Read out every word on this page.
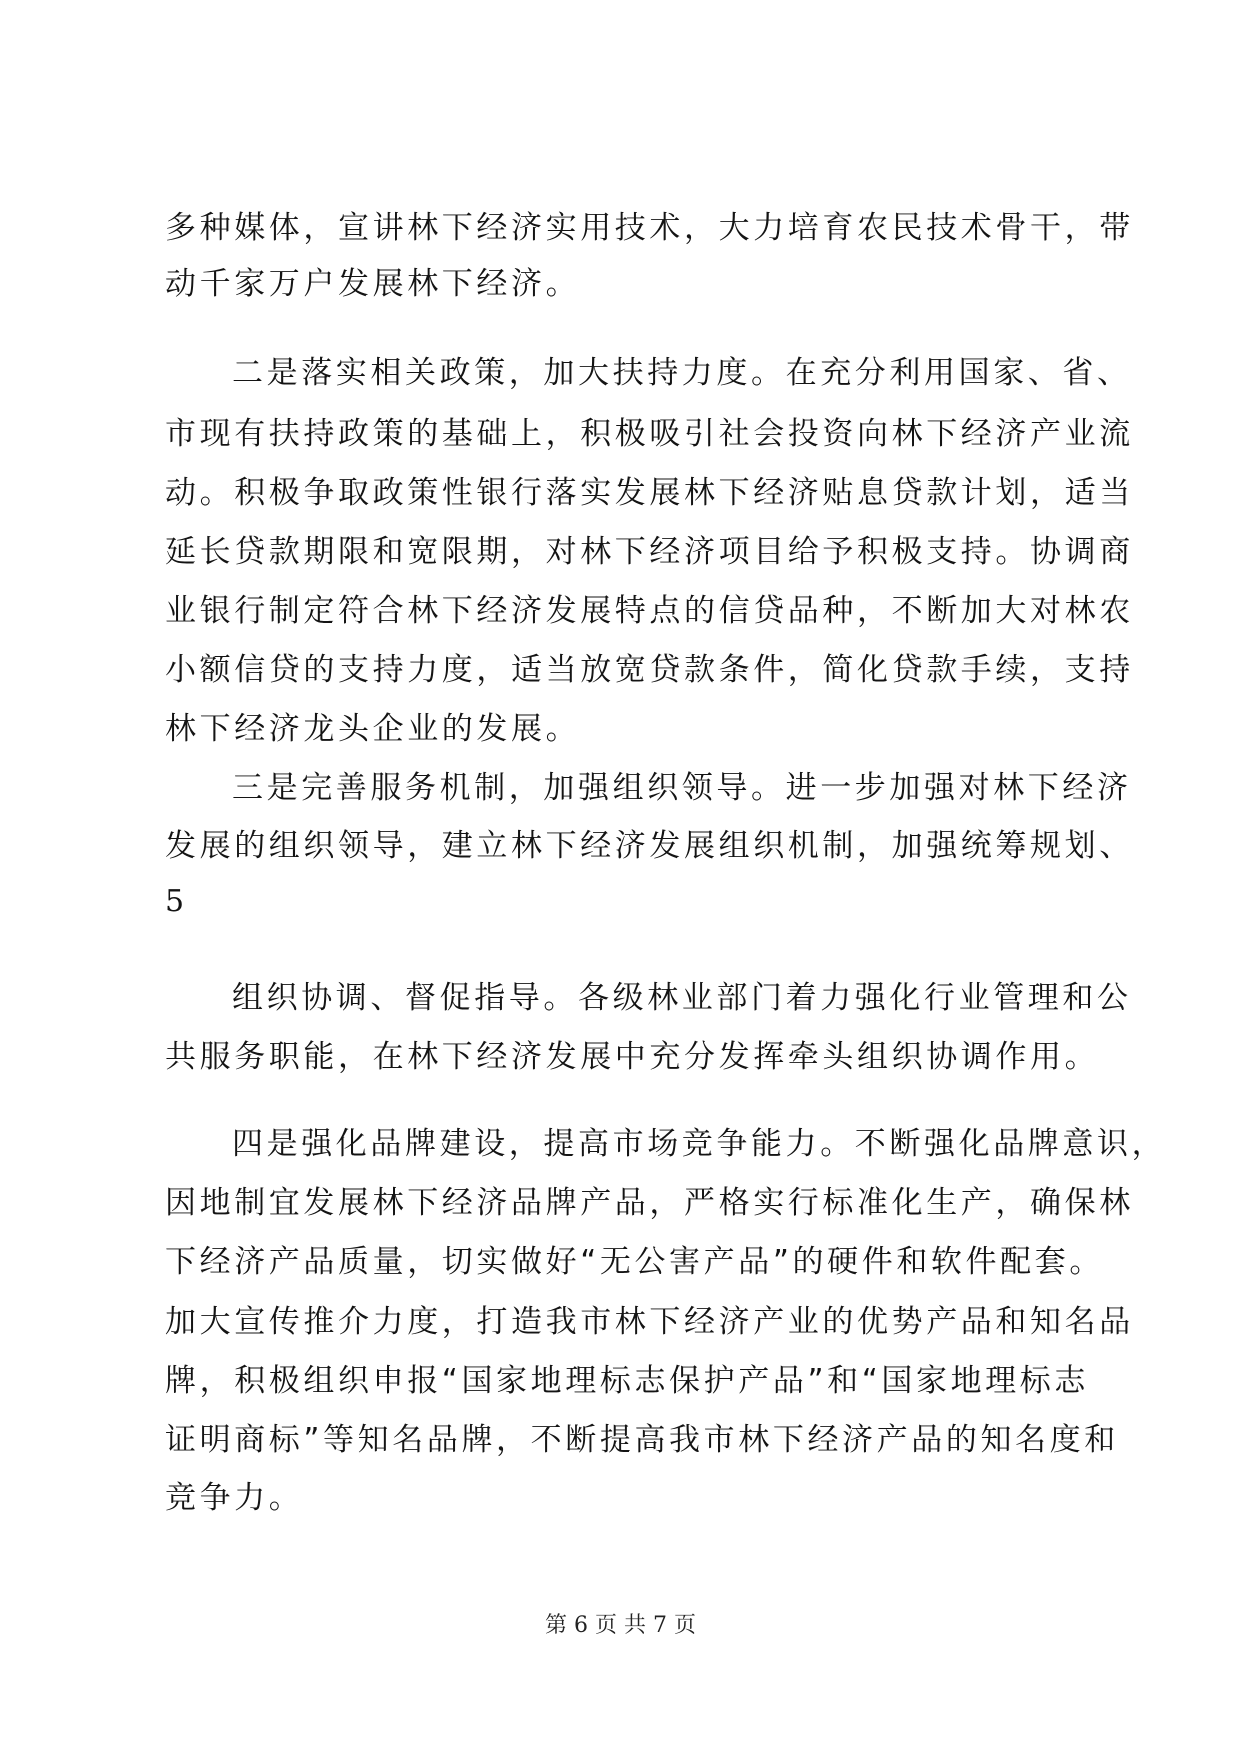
多种媒体，宣讲林下经济实用技术，大力培育农民技术骨干，带
动千家万户发展林下经济。
二是落实相关政策，加大扶持力度。在充分利用国家、省、
市现有扶持政策的基础上，积极吸引社会投资向林下经济产业流
动。积极争取政策性银行落实发展林下经济贴息贷款计划，适当
延长贷款期限和宽限期，对林下经济项目给予积极支持。协调商
业银行制定符合林下经济发展特点的信贷品种，不断加大对林农
小额信贷的支持力度，适当放宽贷款条件，简化贷款手续，支持
林下经济龙头企业的发展。
三是完善服务机制，加强组织领导。进一步加强对林下经济
发展的组织领导，建立林下经济发展组织机制，加强统筹规划、
5
组织协调、督促指导。各级林业部门着力强化行业管理和公
共服务职能，在林下经济发展中充分发挥牵头组织协调作用。
四是强化品牌建设，提高市场竞争能力。不断强化品牌意识，
因地制宜发展林下经济品牌产品，严格实行标准化生产，确保林
下经济产品质量，切实做好“无公害产品”的硬件和软件配套。
加大宣传推介力度，打造我市林下经济产业的优势产品和知名品
牌，积极组织申报“国家地理标志保护产品”和“国家地理标志
证明商标”等知名品牌，不断提高我市林下经济产品的知名度和
竞争力。
第 6 页 共 7 页
